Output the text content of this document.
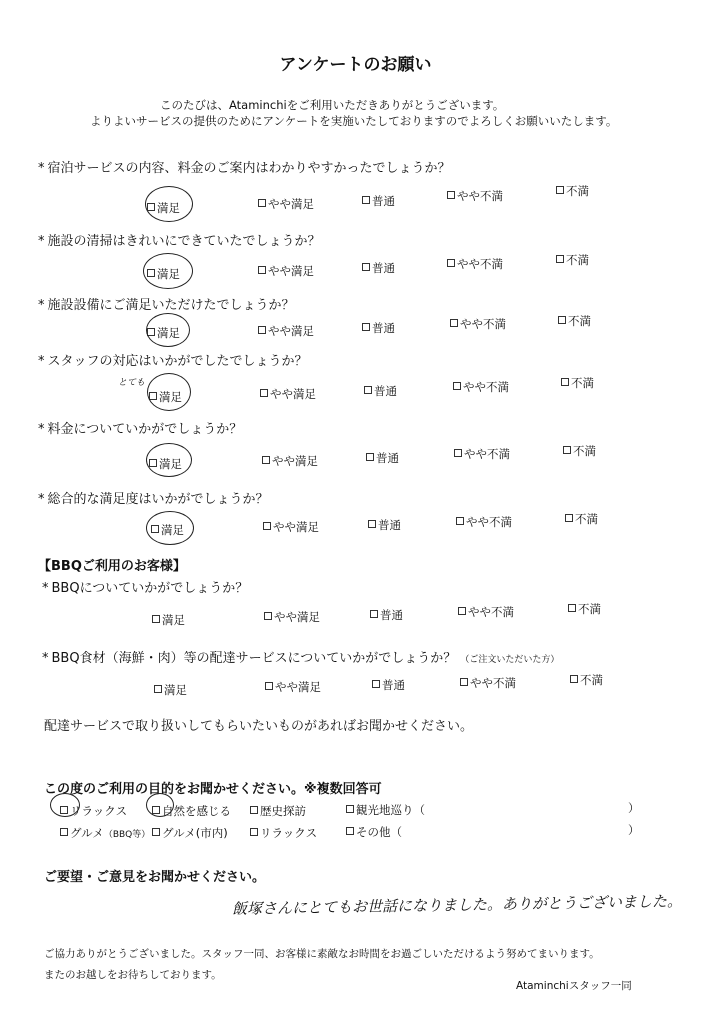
アンケートのお願い
このたびは、Ataminchiをご利用いただきありがとうございます。
よりよいサービスの提供のためにアンケートを実施いたしておりますのでよろしくお願いいたします。
* 宿泊サービスの内容、料金のご案内はわかりやすかったでしょうか？
満足	やや満足	普通	やや不満	不満
* 施設の清掃はきれいにできていたでしょうか？
満足	やや満足	普通	やや不満	不満
* 施設設備にご満足いただけたでしょうか？
満足	やや満足	普通	やや不満	不満
* スタッフの対応はいかがでしたでしょうか？
とても
満足	やや満足	普通	やや不満	不満
* 料金についていかがでしょうか？
満足	やや満足	普通	やや不満	不満
* 総合的な満足度はいかがでしょうか？
満足	やや満足	普通	やや不満	不満
【BBQご利用のお客様】
* BBQについていかがでしょうか？
満足	やや満足	普通	やや不満	不満
* BBQ食材（海鮮・肉）等の配達サービスについていかがでしょうか？ （ご注文いただいた方）
満足	やや満足	普通	やや不満	不満
配達サービスで取り扱いしてもらいたいものがあればお聞かせください。
この度のご利用の目的をお聞かせください。※複数回答可
リラックス	自然を感じる	歴史探訪	観光地巡り（	）
グルメ（BBQ等）	グルメ(市内)	リラックス	その他（	）
ご要望・ご意見をお聞かせください。
飯塚さんにとてもお世話になりました。ありがとうございました。
ご協力ありがとうございました。スタッフ一同、お客様に素敵なお時間をお過ごしいただけるよう努めてまいります。
またのお越しをお待ちしております。
Ataminchiスタッフ一同
